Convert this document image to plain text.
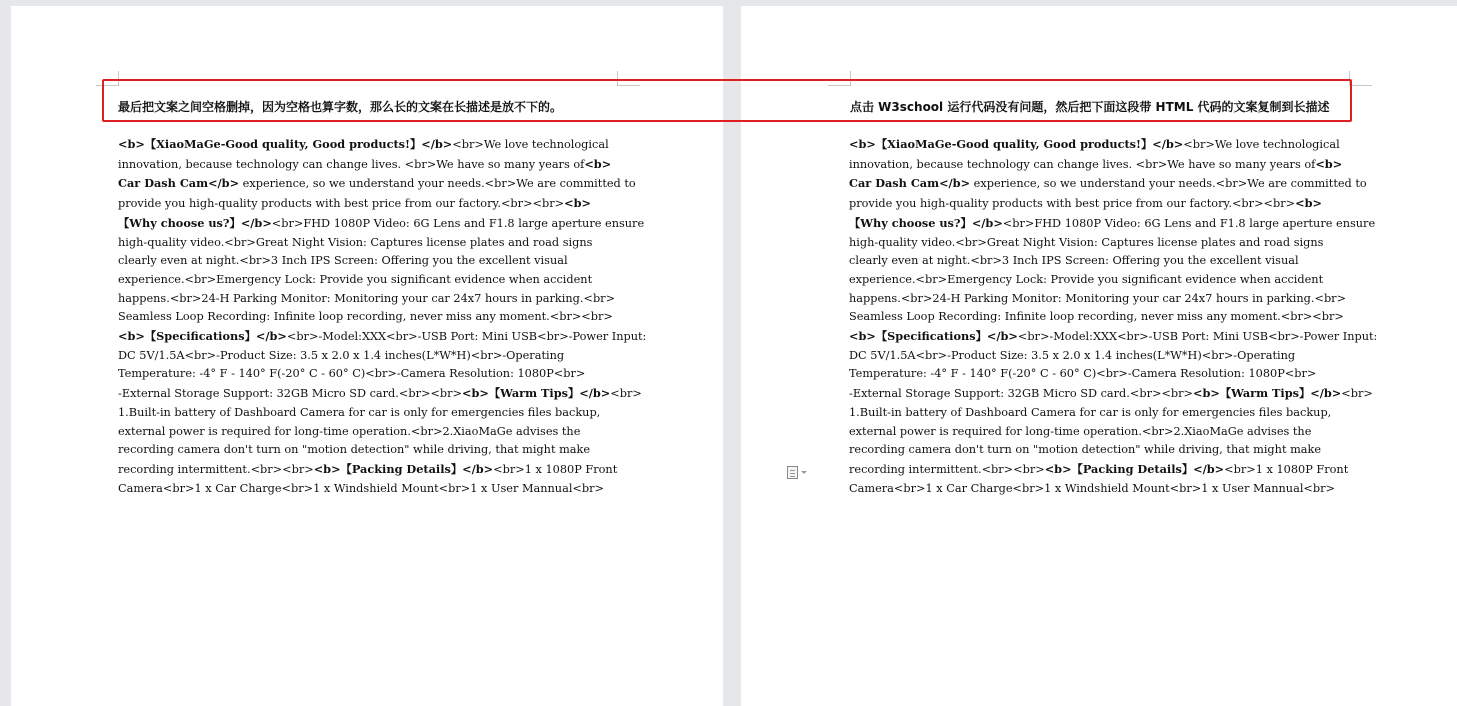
最后把文案之间空格删掉，因为空格也算字数，那么长的文案在长描述是放不下的。

<b>【XiaoMaGe-Good quality, Good products!】</b><br>We love technological
innovation, because technology can change lives. <br>We have so many years of<b>
Car Dash Cam</b> experience, so we understand your needs.<br>We are committed to
provide you high-quality products with best price from our factory.<br><br><b>
【Why choose us?】</b><br>FHD 1080P Video: 6G Lens and F1.8 large aperture ensure
high-quality video.<br>Great Night Vision: Captures license plates and road signs
clearly even at night.<br>3 Inch IPS Screen: Offering you the excellent visual
experience.<br>Emergency Lock: Provide you significant evidence when accident
happens.<br>24-H Parking Monitor: Monitoring your car 24x7 hours in parking.<br>
Seamless Loop Recording: Infinite loop recording, never miss any moment.<br><br>
<b>【Specifications】</b><br>-Model:XXX<br>-USB Port: Mini USB<br>-Power Input:
DC 5V/1.5A<br>-Product Size: 3.5 x 2.0 x 1.4 inches(L*W*H)<br>-Operating
Temperature: -4° F - 140° F(-20° C - 60° C)<br>-Camera Resolution: 1080P<br>
-External Storage Support: 32GB Micro SD card.<br><br><b>【Warm Tips】</b><br>
1.Built-in battery of Dashboard Camera for car is only for emergencies files backup,
external power is required for long-time operation.<br>2.XiaoMaGe advises the
recording camera don't turn on "motion detection" while driving, that might make
recording intermittent.<br><br><b>【Packing Details】</b><br>1 x 1080P Front
Camera<br>1 x Car Charge<br>1 x Windshield Mount<br>1 x User Mannual<br>

点击 W3school 运行代码没有问题，然后把下面这段带 HTML 代码的文案复制到长描述

<b>【XiaoMaGe-Good quality, Good products!】</b><br>We love technological
innovation, because technology can change lives. <br>We have so many years of<b>
Car Dash Cam</b> experience, so we understand your needs.<br>We are committed to
provide you high-quality products with best price from our factory.<br><br><b>
【Why choose us?】</b><br>FHD 1080P Video: 6G Lens and F1.8 large aperture ensure
high-quality video.<br>Great Night Vision: Captures license plates and road signs
clearly even at night.<br>3 Inch IPS Screen: Offering you the excellent visual
experience.<br>Emergency Lock: Provide you significant evidence when accident
happens.<br>24-H Parking Monitor: Monitoring your car 24x7 hours in parking.<br>
Seamless Loop Recording: Infinite loop recording, never miss any moment.<br><br>
<b>【Specifications】</b><br>-Model:XXX<br>-USB Port: Mini USB<br>-Power Input:
DC 5V/1.5A<br>-Product Size: 3.5 x 2.0 x 1.4 inches(L*W*H)<br>-Operating
Temperature: -4° F - 140° F(-20° C - 60° C)<br>-Camera Resolution: 1080P<br>
-External Storage Support: 32GB Micro SD card.<br><br><b>【Warm Tips】</b><br>
1.Built-in battery of Dashboard Camera for car is only for emergencies files backup,
external power is required for long-time operation.<br>2.XiaoMaGe advises the
recording camera don't turn on "motion detection" while driving, that might make
recording intermittent.<br><br><b>【Packing Details】</b><br>1 x 1080P Front
Camera<br>1 x Car Charge<br>1 x Windshield Mount<br>1 x User Mannual<br>
